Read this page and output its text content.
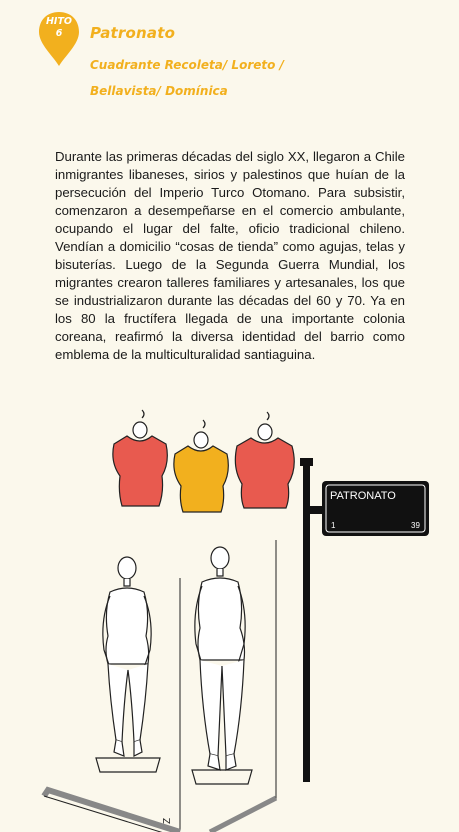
HITO
6	Patronato
Cuadrante Recoleta/ Loreto /
Bellavista/ Domínica

Durante las primeras décadas del siglo XX, llegaron a Chile inmigrantes libaneses, sirios y palestinos que huían de la persecución del Imperio Turco Otomano. Para subsistir, comenzaron a desempeñarse en el comercio ambulante, ocupando el lugar del falte, oficio tradicional chileno. Vendían a domicilio “cosas de tienda” como agujas, telas y bisuterías. Luego de la Segunda Guerra Mundial, los migrantes crearon talleres familiares y artesanales, los que se industrializaron durante las décadas del 60 y 70. Ya en los 80 la fructífera llegada de una importante colonia coreana, reafirmó la diversa identidad del barrio como emblema de la multiculturalidad santiaguina.

Z
PATRONATO
1	39
